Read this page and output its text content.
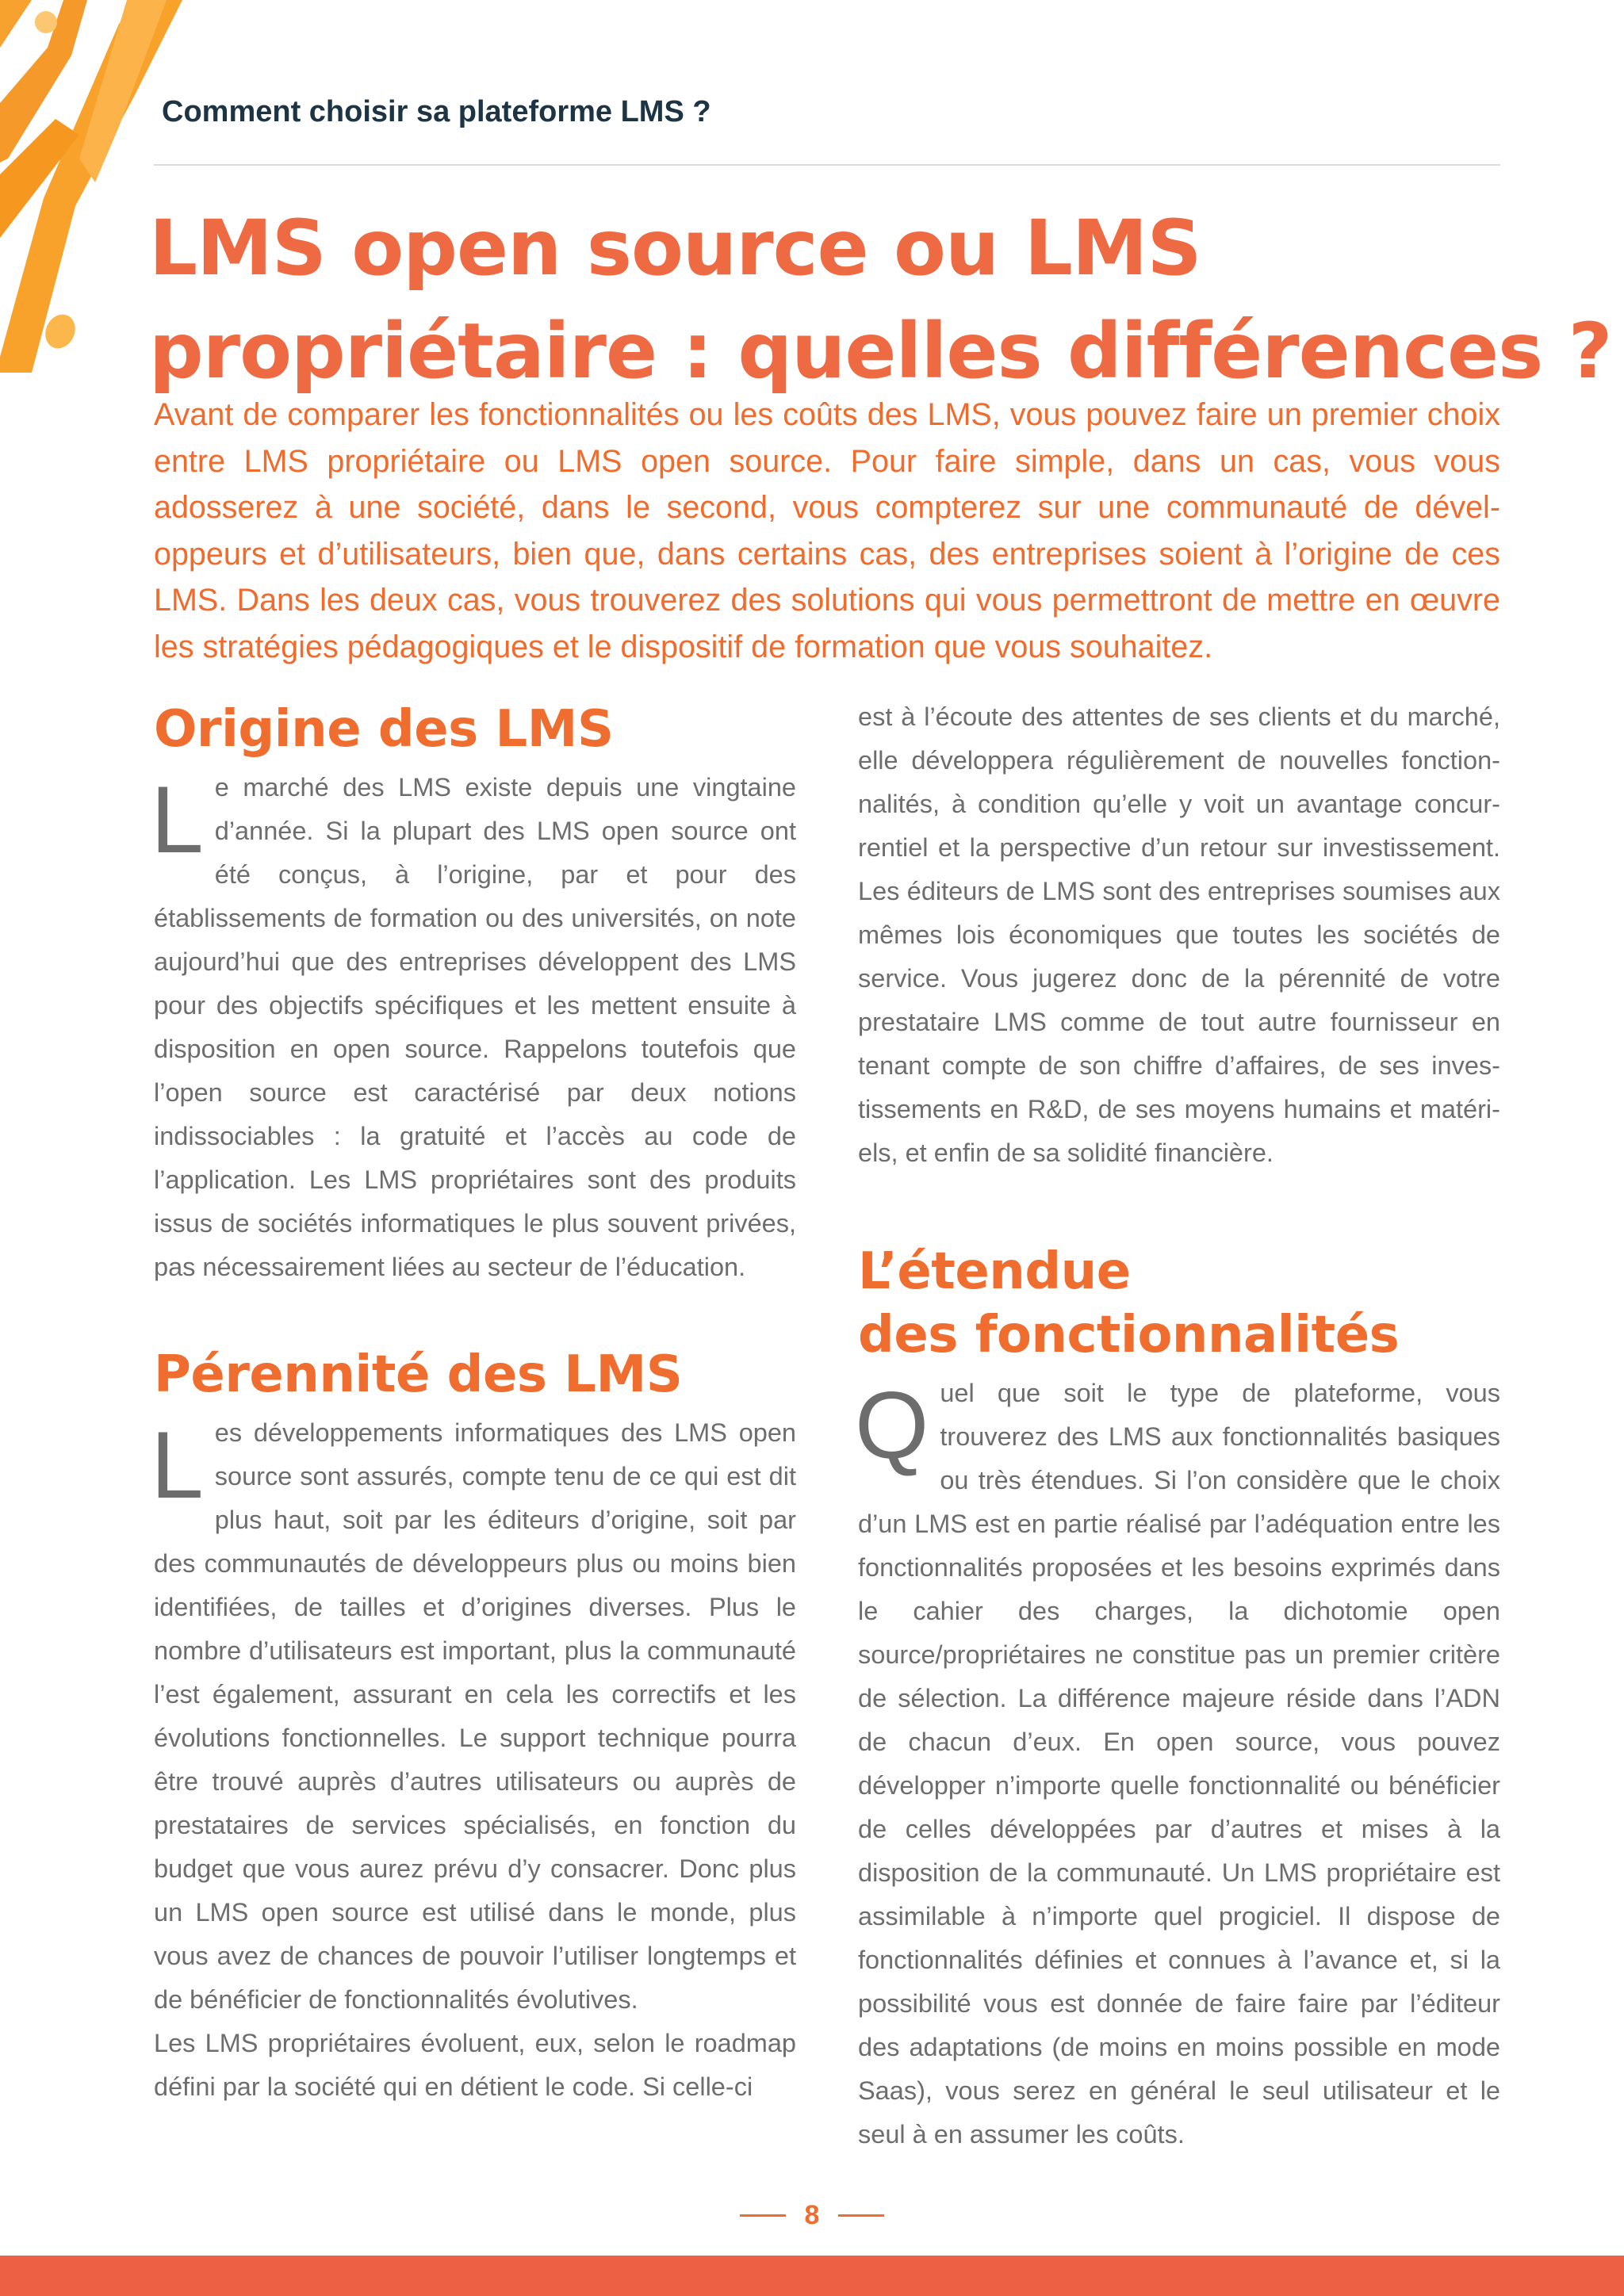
Comment choisir sa plateforme LMS ?
LMS open source ou LMS
propriétaire : quelles différences ?

Avant de comparer les fonctionnalités ou les coûts des LMS, vous pouvez faire un premier choix entre LMS propriétaire ou LMS open source. Pour faire simple, dans un cas, vous vous adosserez à une société, dans le second, vous compterez sur une communauté de développeurs et d’utilisateurs, bien que, dans certains cas, des entreprises soient à l’origine de ces LMS. Dans les deux cas, vous trouverez des solutions qui vous permettront de mettre en œuvre les stratégies pédagogiques et le dispositif de formation que vous souhaitez.

Origine des LMS

Le marché des LMS existe depuis une vingtaine d’année. Si la plupart des LMS open source ont été conçus, à l’origine, par et pour des établissements de formation ou des universités, on note aujourd’hui que des entreprises développent des LMS pour des objectifs spécifiques et les mettent ensuite à disposition en open source. Rappelons toutefois que l’open source est caractérisé par deux notions indissociables : la gratuité et l’accès au code de l’application. Les LMS propriétaires sont des produits issus de sociétés informatiques le plus souvent privées, pas nécessairement liées au secteur de l’éducation.

Pérennité des LMS

Les développements informatiques des LMS open source sont assurés, compte tenu de ce qui est dit plus haut, soit par les éditeurs d’origine, soit par des communautés de développeurs plus ou moins bien identifiées, de tailles et d’origines diverses. Plus le nombre d’utilisateurs est important, plus la communauté l’est également, assurant en cela les correctifs et les évolutions fonctionnelles. Le support technique pourra être trouvé auprès d’autres utilisateurs ou auprès de prestataires de services spécialisés, en fonction du budget que vous aurez prévu d’y consacrer. Donc plus un LMS open source est utilisé dans le monde, plus vous avez de chances de pouvoir l’utiliser longtemps et de bénéficier de fonctionnalités évolutives.

Les LMS propriétaires évoluent, eux, selon le roadmap défini par la société qui en détient le code. Si celle-ci

est à l’écoute des attentes de ses clients et du marché, elle développera régulièrement de nouvelles fonctionnalités, à condition qu’elle y voit un avantage concurrentiel et la perspective d’un retour sur investissement. Les éditeurs de LMS sont des entreprises soumises aux mêmes lois économiques que toutes les sociétés de service. Vous jugerez donc de la pérennité de votre prestataire LMS comme de tout autre fournisseur en tenant compte de son chiffre d’affaires, de ses investissements en R&D, de ses moyens humains et matériels, et enfin de sa solidité financière.

L’étendue
des fonctionnalités

Quel que soit le type de plateforme, vous trouverez des LMS aux fonctionnalités basiques ou très étendues. Si l’on considère que le choix d’un LMS est en partie réalisé par l’adéquation entre les fonctionnalités proposées et les besoins exprimés dans le cahier des charges, la dichotomie open source/propriétaires ne constitue pas un premier critère de sélection. La différence majeure réside dans l’ADN de chacun d’eux. En open source, vous pouvez développer n’importe quelle fonctionnalité ou bénéficier de celles développées par d’autres et mises à la disposition de la communauté. Un LMS propriétaire est assimilable à n’importe quel progiciel. Il dispose de fonctionnalités définies et connues à l’avance et, si la possibilité vous est donnée de faire faire par l’éditeur des adaptations (de moins en moins possible en mode Saas), vous serez en général le seul utilisateur et le seul à en assumer les coûts.

8
